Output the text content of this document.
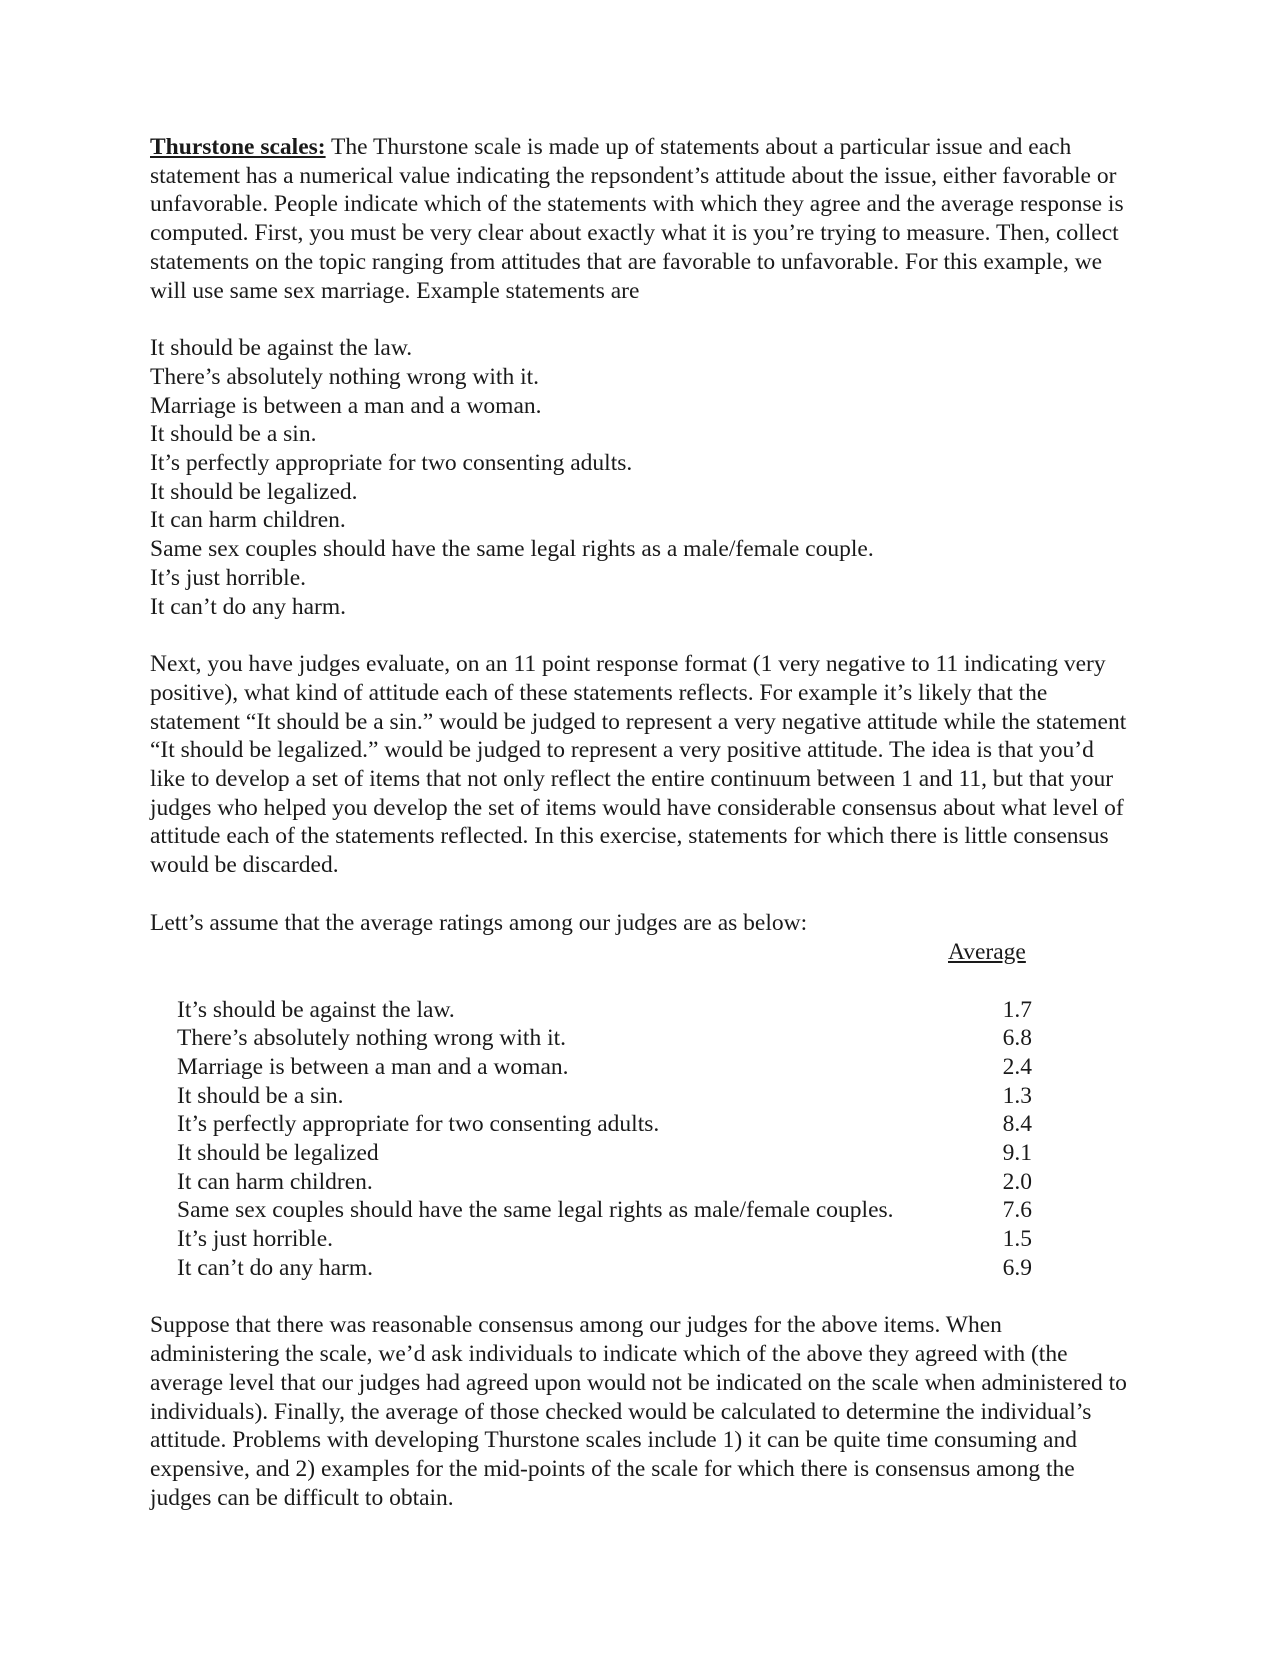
Thurstone scales: The Thurstone scale is made up of statements about a particular issue and each statement has a numerical value indicating the repsondent’s attitude about the issue, either favorable or unfavorable. People indicate which of the statements with which they agree and the average response is computed. First, you must be very clear about exactly what it is you’re trying to measure. Then, collect statements on the topic ranging from attitudes that are favorable to unfavorable. For this example, we will use same sex marriage. Example statements are

It should be against the law.
There’s absolutely nothing wrong with it.
Marriage is between a man and a woman.
It should be a sin.
It’s perfectly appropriate for two consenting adults.
It should be legalized.
It can harm children.
Same sex couples should have the same legal rights as a male/female couple.
It’s just horrible.
It can’t do any harm.

Next, you have judges evaluate, on an 11 point response format (1 very negative to 11 indicating very positive), what kind of attitude each of these statements reflects. For example it’s likely that the statement “It should be a sin.” would be judged to represent a very negative attitude while the statement “It should be legalized.” would be judged to represent a very positive attitude. The idea is that you’d like to develop a set of items that not only reflect the entire continuum between 1 and 11, but that your judges who helped you develop the set of items would have considerable consensus about what level of attitude each of the statements reflected. In this exercise, statements for which there is little consensus would be discarded.

Lett’s assume that the average ratings among our judges are as below:

Average
It’s should be against the law.	1.7
There’s absolutely nothing wrong with it.	6.8
Marriage is between a man and a woman.	2.4
It should be a sin.	1.3
It’s perfectly appropriate for two consenting adults.	8.4
It should be legalized	9.1
It can harm children.	2.0
Same sex couples should have the same legal rights as male/female couples.	7.6
It’s just horrible.	1.5
It can’t do any harm.	6.9

Suppose that there was reasonable consensus among our judges for the above items. When administering the scale, we’d ask individuals to indicate which of the above they agreed with (the average level that our judges had agreed upon would not be indicated on the scale when administered to individuals). Finally, the average of those checked would be calculated to determine the individual’s attitude. Problems with developing Thurstone scales include 1) it can be quite time consuming and expensive, and 2) examples for the mid-points of the scale for which there is consensus among the judges can be difficult to obtain.
